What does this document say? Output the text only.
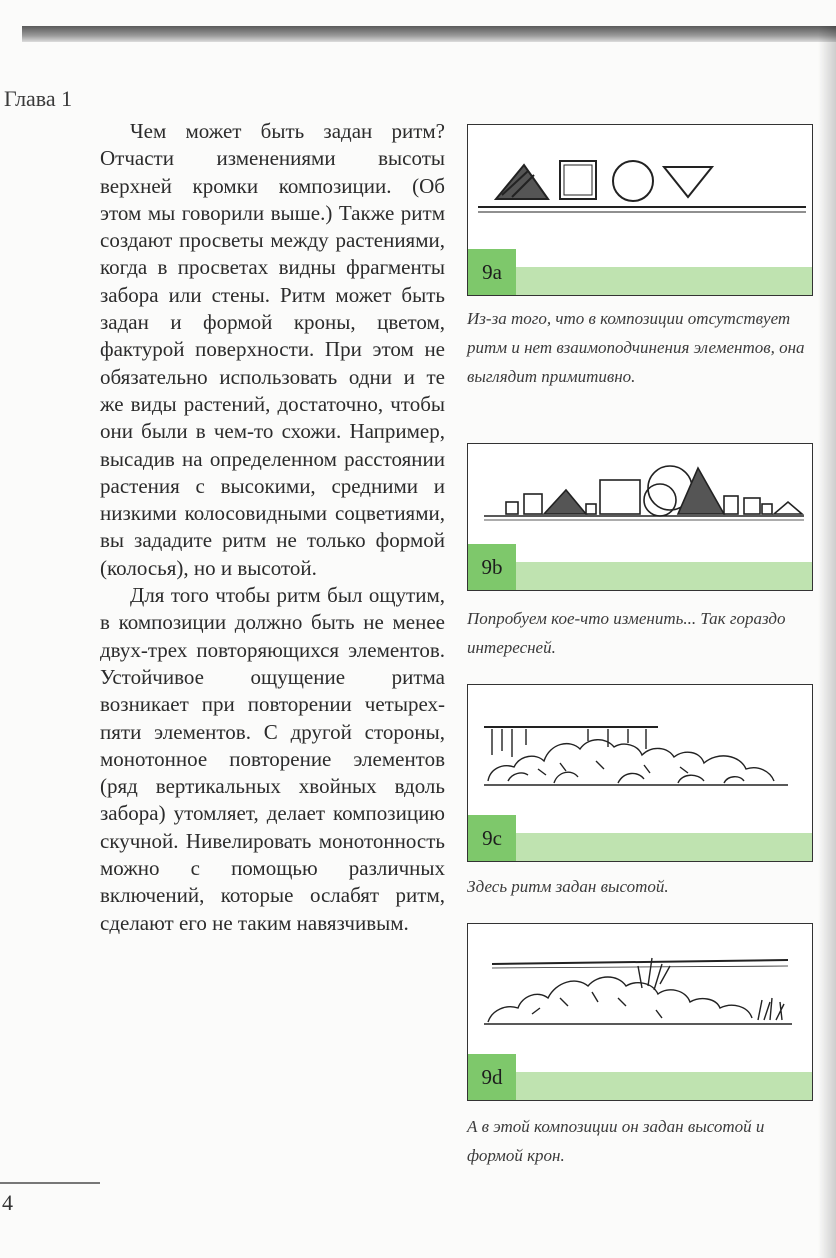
Глава 1

Чем может быть задан ритм? Отчасти изменениями высоты верхней кромки композиции. (Об этом мы говорили выше.) Также ритм создают просветы между растениями, когда в просветах видны фрагменты забора или стены. Ритм может быть задан и формой кроны, цветом, фактурой поверхности. При этом не обязательно использовать одни и те же виды растений, достаточно, чтобы они были в чем-то схожи. Например, высадив на определенном расстоянии растения с высокими, средними и низкими колосовидными соцветиями, вы зададите ритм не только формой (колосья), но и высотой.

Для того чтобы ритм был ощутим, в композиции должно быть не менее двух-трех повторяющихся элементов. Устойчивое ощущение ритма возникает при повторении четырех-пяти элементов. С другой стороны, монотонное повторение элементов (ряд вертикальных хвойных вдоль забора) утомляет, делает композицию скучной. Нивелировать монотонность можно с помощью различных включений, которые ослабят ритм, сделают его не таким навязчивым.

9a
Из-за того, что в композиции отсутствует ритм и нет взаимоподчинения элементов, она выглядит примитивно.
9b
Попробуем кое-что изменить... Так гораздо интересней.
9c
Здесь ритм задан высотой.
9d
А в этой композиции он задан высотой и формой крон.
4
